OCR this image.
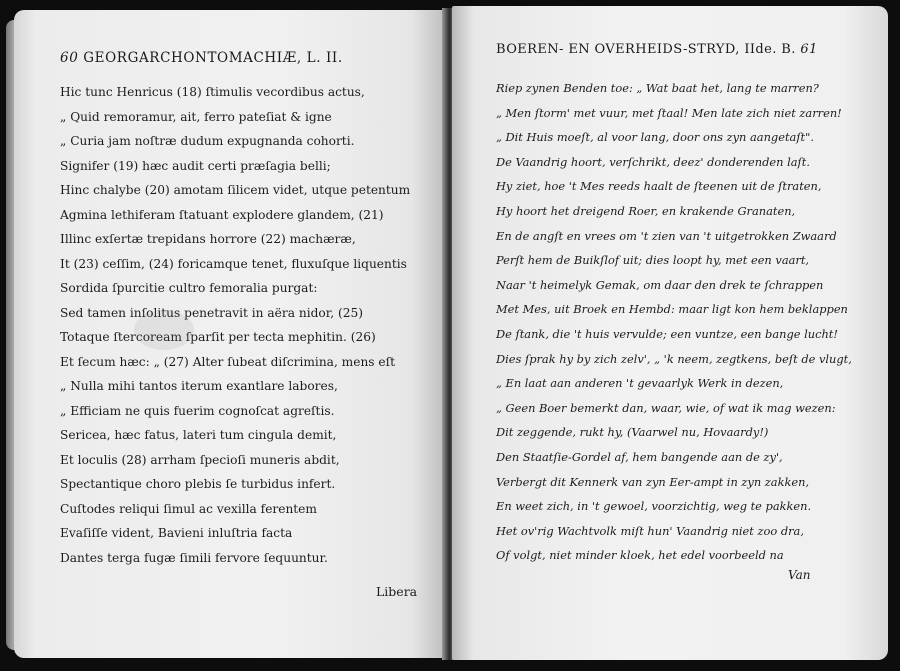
60 GEORGARCHONTOMACHIÆ, L. II.
Hic tunc Henricus (18) ſtimulis vecordibus actus,
„ Quid remoramur, ait, ferro pateſiat & igne
„ Curia jam noſtræ dudum expugnanda cohorti.
Signifer (19) hæc audit certi præſagia belli;
Hinc chalybe (20) amotam ſilicem videt, utque petentum
Agmina lethiferam ſtatuant explodere glandem, (21)
Illinc exſertæ trepidans horrore (22) machæræ,
It (23) ceſſim, (24) foricamque tenet, fluxuſque liquentis
Sordida ſpurcitie cultro femoralia purgat:
Sed tamen inſolitus penetravit in aëra nidor, (25)
Totaque ſtercoream ſparſit per tecta mephitin. (26)
Et ſecum hæc: „ (27) Alter ſubeat diſcrimina, mens eſt
„ Nulla mihi tantos iterum exantlare labores,
„ Efficiam ne quis fuerim cognoſcat agreſtis.
Sericea, hæc fatus, lateri tum cingula demit,
Et loculis (28) arrham ſpecioſi muneris abdit,
Spectantique choro plebis ſe turbidus infert.
Cuſtodes reliqui ſimul ac vexilla ferentem
Evaſiſſe vident, Bavieni inluſtria facta
Dantes terga fugæ ſimili fervore ſequuntur.
Libera
BOEREN- EN OVERHEIDS-STRYD, IIde. B. 61
Riep zynen Benden toe: „ Wat baat het, lang te marren?
„ Men ſtorm' met vuur, met ſtaal! Men late zich niet zarren!
„ Dit Huis moeſt, al voor lang, door ons zyn aangetaſt".
De Vaandrig hoort, verſchrikt, deez' donderenden laſt.
Hy ziet, hoe 't Mes reeds haalt de ſteenen uit de ſtraten,
Hy hoort het dreigend Roer, en krakende Granaten,
En de angſt en vrees om 't zien van 't uitgetrokken Zwaard
Perſt hem de Buikſlof uit; dies loopt hy, met een vaart,
Naar 't heimelyk Gemak, om daar den drek te ſchrappen
Met Mes, uit Broek en Hembd: maar ligt kon hem beklappen
De ſtank, die 't huis vervulde; een vuntze, een bange lucht!
Dies ſprak hy by zich zelv', „ 'k neem, zegtkens, beſt de vlugt,
„ En laat aan anderen 't gevaarlyk Werk in dezen,
„ Geen Boer bemerkt dan, waar, wie, of wat ik mag wezen:
Dit zeggende, rukt hy, (Vaarwel nu, Hovaardy!)
Den Staatſie-Gordel af, hem bangende aan de zy',
Verbergt dit Kennerk van zyn Eer-ampt in zyn zakken,
En weet zich, in 't gewoel, voorzichtig, weg te pakken.
Het ov'rig Wachtvolk miſt hun' Vaandrig niet zoo dra,
Of volgt, niet minder kloek, het edel voorbeeld na
Van
